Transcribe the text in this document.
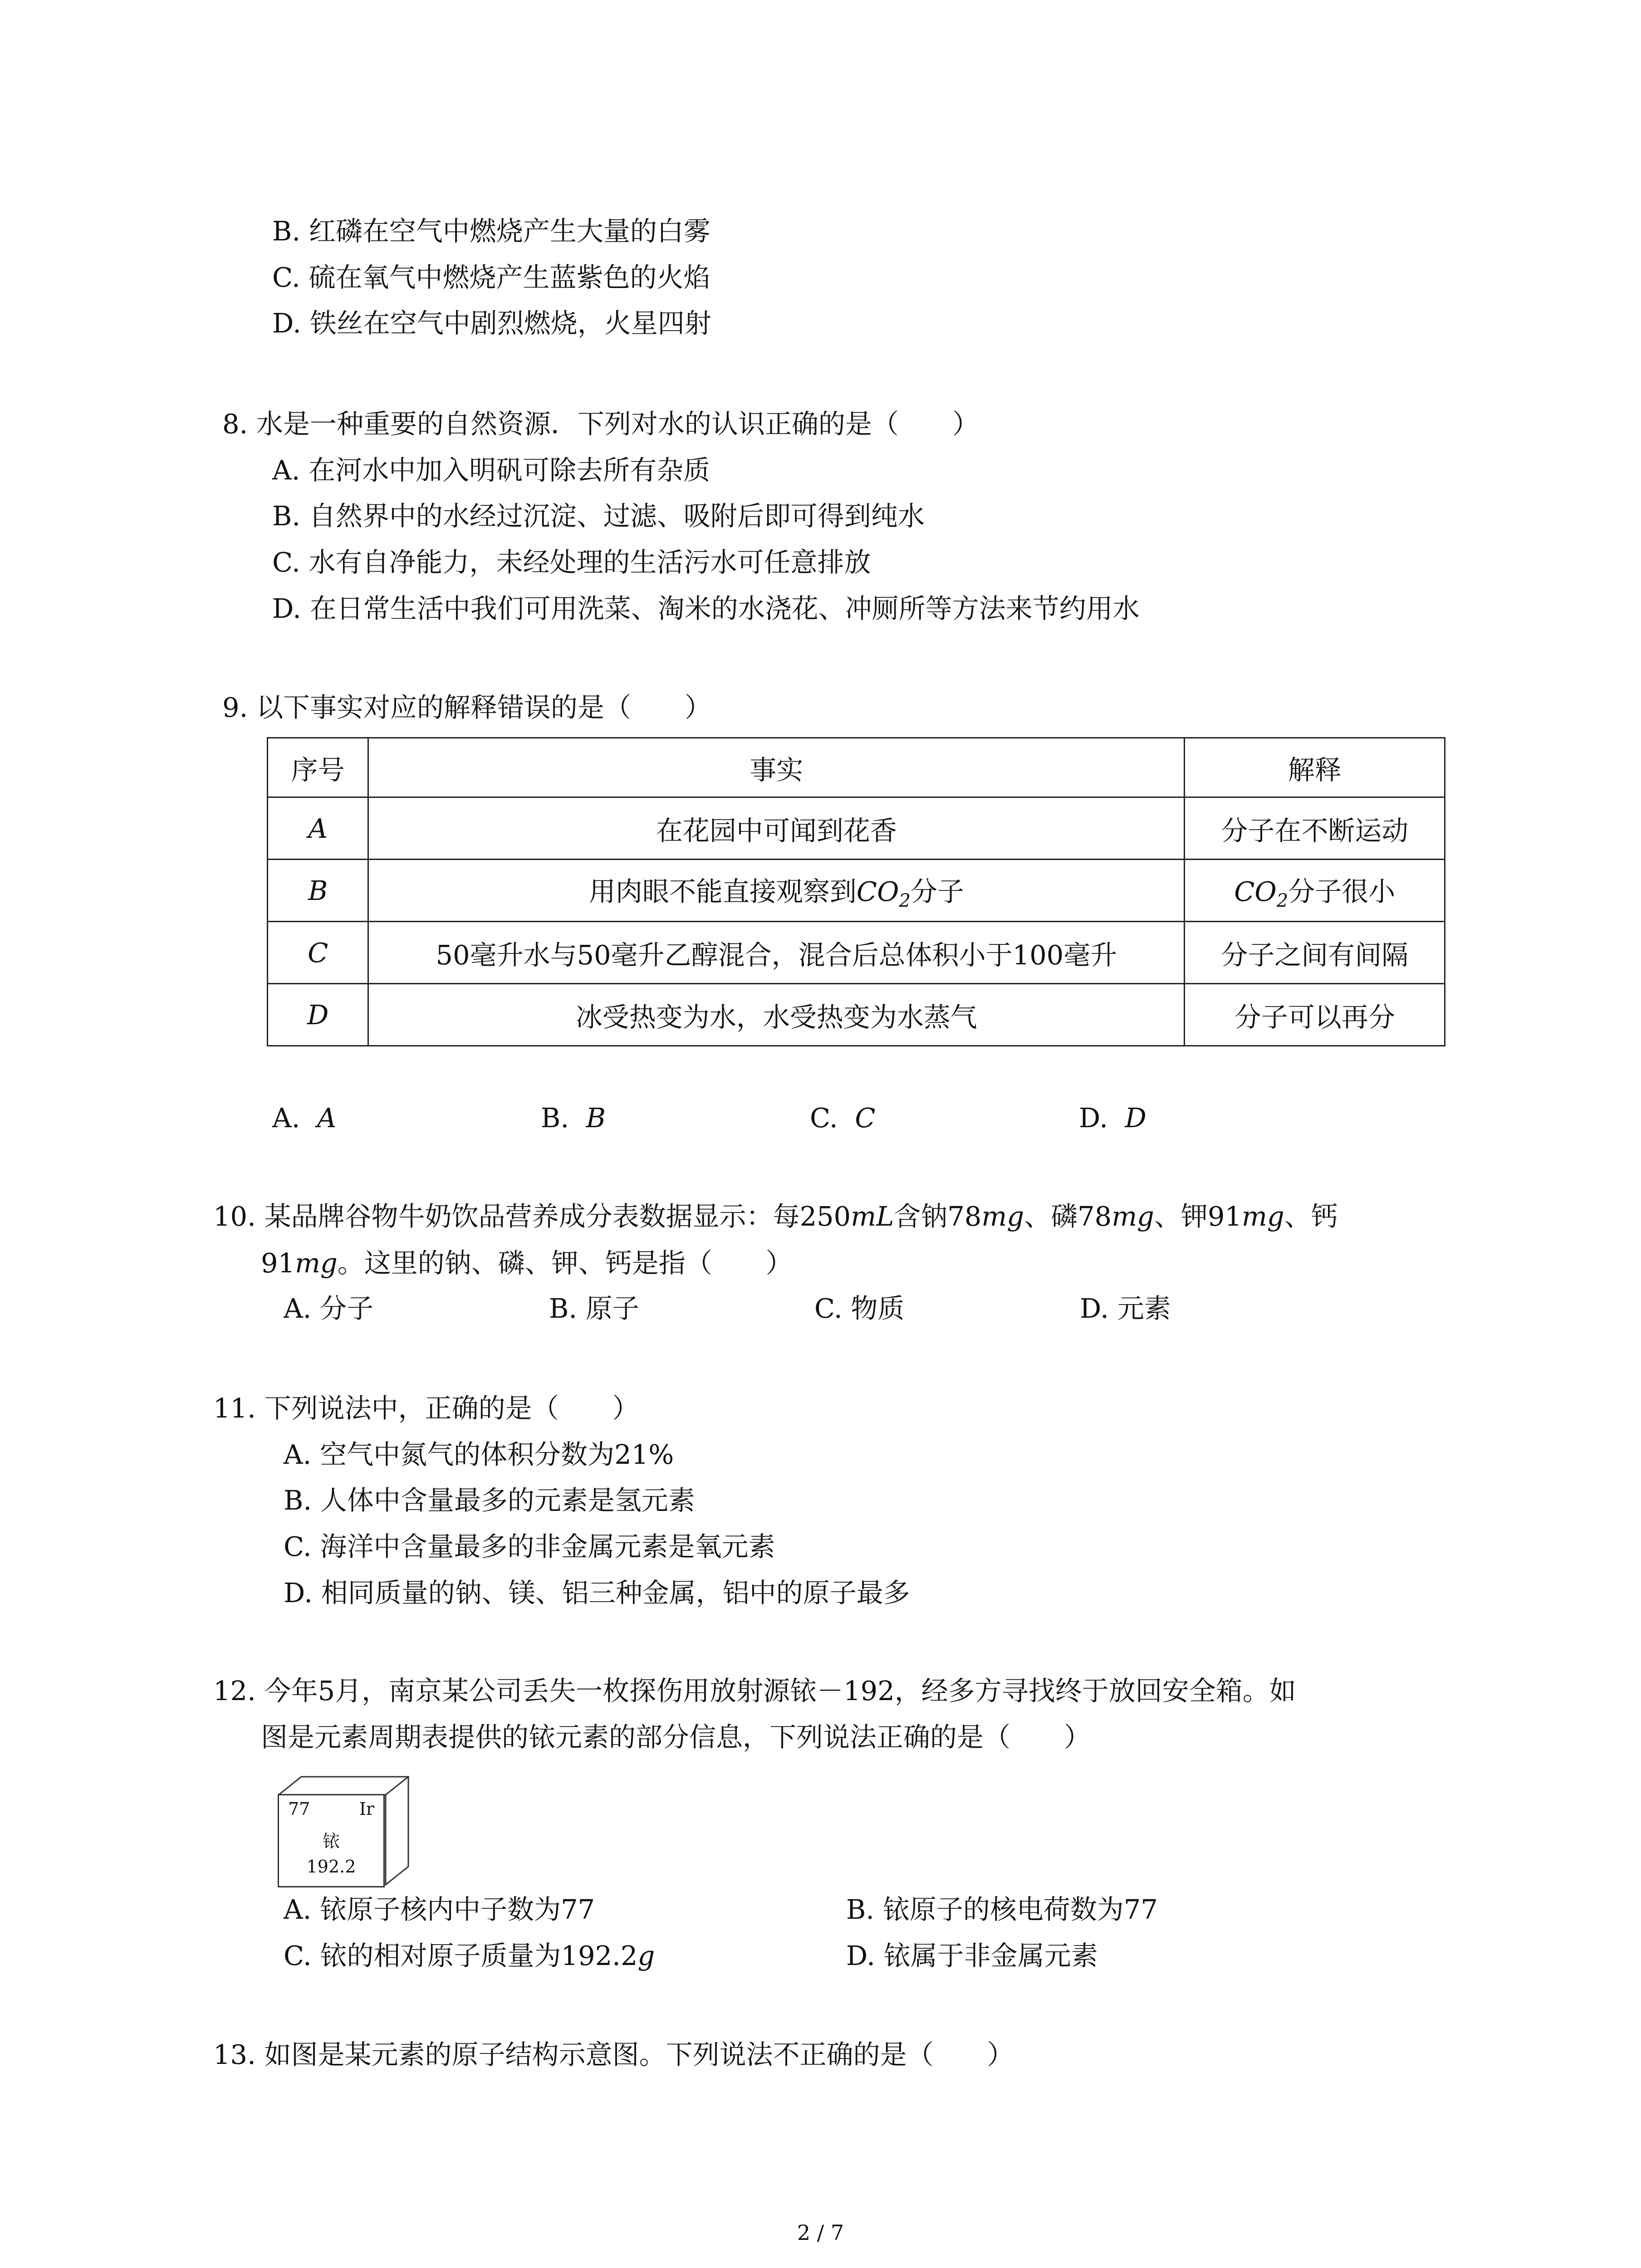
B. 红磷在空气中燃烧产生大量的白雾
C. 硫在氧气中燃烧产生蓝紫色的火焰
D. 铁丝在空气中剧烈燃烧，火星四射
8. 水是一种重要的自然资源．下列对水的认识正确的是（　　）
A. 在河水中加入明矾可除去所有杂质
B. 自然界中的水经过沉淀、过滤、吸附后即可得到纯水
C. 水有自净能力，未经处理的生活污水可任意排放
D. 在日常生活中我们可用洗菜、淘米的水浇花、冲厕所等方法来节约用水
9. 以下事实对应的解释错误的是（　　）
序号	事实	解释
A	在花园中可闻到花香	分子在不断运动
B	用肉眼不能直接观察到$CO_2$分子	$CO_2$分子很小
C	50毫升水与50毫升乙醇混合，混合后总体积小于100毫升	分子之间有间隔
D	冰受热变为水，水受热变为水蒸气	分子可以再分
A. A	B. B	C. C	D. D
10. 某品牌谷物牛奶饮品营养成分表数据显示：每250mL含钠78mg、磷78mg、钾91mg、钙
91mg。这里的钠、磷、钾、钙是指（　　）
A. 分子	B. 原子	C. 物质	D. 元素
11. 下列说法中，正确的是（　　）
A. 空气中氮气的体积分数为21%
B. 人体中含量最多的元素是氢元素
C. 海洋中含量最多的非金属元素是氧元素
D. 相同质量的钠、镁、铝三种金属，铝中的原子最多
12. 今年5月，南京某公司丢失一枚探伤用放射源铱－192，经多方寻找终于放回安全箱。如
图是元素周期表提供的铱元素的部分信息，下列说法正确的是（　　）
77	Ir
铱
192.2
A. 铱原子核内中子数为77	B. 铱原子的核电荷数为77
C. 铱的相对原子质量为192.2g	D. 铱属于非金属元素
13. 如图是某元素的原子结构示意图。下列说法不正确的是（　　）
2 / 7
